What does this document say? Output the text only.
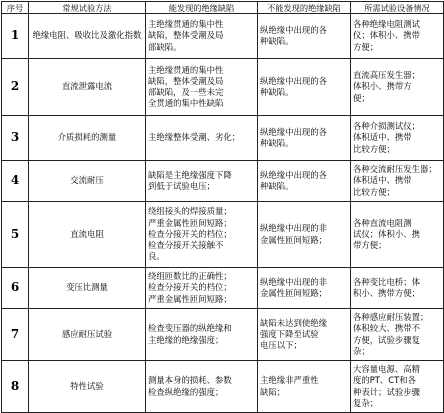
序号	常规试验方法	能发现的绝缘缺陷	不能发现的绝缘缺陷	所需试验设备情况
1	绝缘电阻、吸收比及激化指数	主绝缘贯通的集中性
缺陷，整体受潮及局
部缺陷。	纵绝缘中出现的各
种缺陷。	各种绝缘电阻测试
仪；体积小、携带
方便；

2	直流泄露电流	主绝缘贯通的集中性
缺陷，整体受潮及局
部缺陷，及一些未完
全贯通的集中性缺陷	纵绝缘中出现的各
种缺陷。	直流高压发生器；
体积小、携带方
便；

3	介质损耗的测量	主绝缘整体受潮、劣化；	纵绝缘中出现的各
种缺陷。	各种介损测试仪；
体积适中、携带
比较方便；

4	交流耐压	缺陷是主绝缘强度下降
到低于试验电压；	纵绝缘中出现的各
种缺陷。	各种交流耐压发生器；
体积适中、携带
比较方便；

5	直流电阻	绕组接头的焊接质量；
严重金属性匝间短路；
检查分接开关的档位；
检查分接开关接触不
良。	纵绝缘中出现的非
金属性匝间短路；	各种直流电阻测
试仪；体积小、携
带方便；

6	变压比测量	绕组匝数比的正确性；
检查分接开关的档位；
严重金属性匝间短路；	纵绝缘中出现的非
金属性匝间短路；	各种变比电桥；体
积小、携带方便；

7	感应耐压试验	检查变压器的纵绝缘和
主绝缘的绝缘强度；	缺陷未达到使绝缘
强度下降至试验
电压以下；	各种感应耐压装置；
体积较大、携带不
方便，试验步骤复
杂；

8	特性试验	测量本身的损耗、参数
检查纵绝缘的强度；	主绝缘非严重性
缺陷；	大容量电源、高精
度的PT、CT和各
种表计；试验步骤
复杂；
